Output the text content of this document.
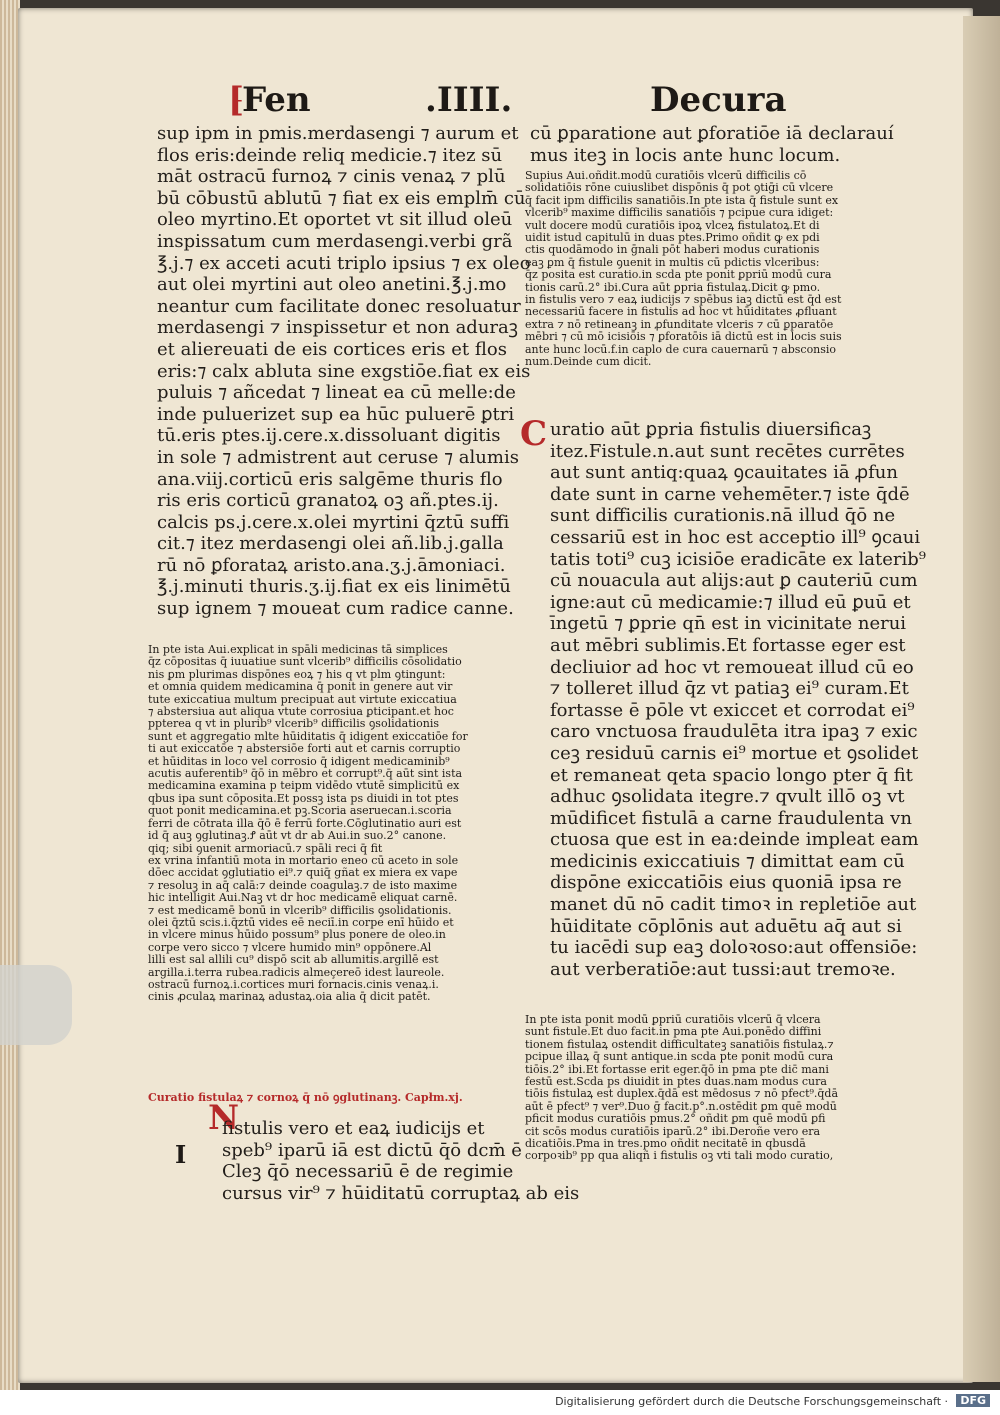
⁅
Fen	.IIII.	Decura

sup ipm in pmis.merdasengi ⁊ aurum et

flos eris:deinde reliq medicie.⁊ itez sū

māt ostracū furnoꝝ ⁊ cinis venaꝝ ⁊ plū

bū cōbustū ablutū ⁊ fiat ex eis emplm̄ cū

oleo myrtino.Et oportet vt sit illud oleū

inspissatum cum merdasengi.verbi grã

℥.j.⁊ ex acceti acuti triplo ipsius ⁊ ex oleo

aut olei myrtini aut oleo anetini.℥.j.mo

neantur cum facilitate donec resoluatur

merdasengi ⁊ inspissetur et non aduraꝫ

et aliereuati de eis cortices eris et flos

eris:⁊ calx abluta sine exgstiōe.fiat ex eis

puluis ⁊ añcedat ⁊ lineat ea cū melle:de

inde puluerizet sup ea hūc puluerē ꝑtri

tū.eris ptes.ij.cere.x.dissoluant digitis

in sole ⁊ admistrent aut ceruse ⁊ alumis

ana.viij.corticū eris salgēme thuris flo

ris eris corticū granatoꝝ oꝫ añ.ptes.ij.

calcis ps.j.cere.x.olei myrtini q̄ztū suffi

cit.⁊ itez merdasengi olei añ.lib.j.galla

rū nō ꝑforataꝝ aristo.ana.ʒ.j.āmoniaci.

℥.j.minuti thuris.ʒ.ij.fiat ex eis linimētū

sup ignem ⁊ moueat cum radice canne.

In pte ista Aui.explicat in spāli medicinas tā simplices

q̄z cōpositas q̄ iuuatiue sunt vlcerib⁹ difficilis cōsolidatio

nis ꝑm plurimas dispōnes eoꝝ ⁊ his q vt plm ꝯtingunt:

et omnia quidem medicamina q̄ ponit in genere aut vir

tute exiccatiua multum precipuat aut virtute exiccatiua

⁊ abstersiua aut aliqua vtute corrosiua ꝑticipant.et hoc

ppterea q vt in plurib⁹ vlcerib⁹ difficilis ꝯsolidationis

sunt et aggregatio mlte hūiditatis q̄ idigent exiccatiōe for

ti aut exiccatōe ⁊ abstersiōe forti aut et carnis corruptio

et hūiditas in loco vel corrosio q̄ idigent medicaminib⁹

acutis auferentib⁹ q̄ō in mēbro et corrupt⁹.q̄ aūt sint ista

medicamina examina p teipm vidēdo vtutē simplicitū ex

qbus ipa sunt cōposita.Et possꝫ ista ps diuidi in tot ptes

quot ponit medicamina.et pꝫ.Scoria aseruecan.i.scoria

ferri de cōtrata illa q̄ō ē ferrū forte.Cōglutinatio auri est

id q̄ auꝫ ꝯglutinaꝫ.Ꝭ aūt vt dr ab Aui.in suo.2° canone.

qiq; sibi ꝯuenit armoriacū.⁊ spāli reci q̄ fit

ex vrina infantiū mota in mortario eneo cū aceto in sole

dōec accidat ꝯglutiatio ei⁹.⁊ quiq̄ gñat ex miera ex vape

⁊ resoluꝫ in aq̄ calā:⁊ deinde coagulaꝫ.⁊ de isto maxime

hic intelligit Aui.Naꝫ vt dr hoc medicamē eliquat carnē.

⁊ est medicamē bonū in vlcerib⁹ difficilis ꝯsolidationis.

olei q̄ztū scis.i.q̄ztū vides eē neciī.in corpe enī hūido et

in vlcere minus hūido possum⁹ plus ponere de oleo.in

corpe vero sicco ⁊ vlcere humido min⁹ oppōnere.Al

lilli est sal allili cu⁹ dispō scit ab allumitis.argillē est

argilla.i.terra rubea.radicis almeçereō idest laureole.

ostracū furnoꝝ.i.cortices muri fornacis.cinis venaꝝ.i.

cinis ꝓculaꝝ marinaꝝ adustaꝝ.oia alia q̄ dicit patēt.

Curatio fistulaꝝ ⁊ cornoꝝ q̄ nō ꝯglutinanꝫ. Capłm.xj.
N
I

fistulis vero et eaꝝ iudicijs et

speb⁹ iparū iā est dictū q̄ō dcm̄ ē

Cleꝫ q̄ō necessariū ē de regimie

cursus vir⁹ ⁊ hūiditatū corruptaꝝ ab eis

cū ꝑparatione aut ꝑforatiōe iā declarauí

mus iteꝫ in locis ante hunc locum.

Supius Aui.oñdit.modū curatiōis vlcerū difficilis cō

solidatiōis rōne cuiuslibet dispōnis q̄ pot ꝯtiḡi cū vlcere

q̄ facit ipm difficilis sanatiōis.In pte ista q̄ fistule sunt ex

vlcerib⁹ maxime difficilis sanatiōis ⁊ pcipue cura idiget:

vult docere modū curatiōis ipoꝝ vlceꝝ fistulatoꝝ.Et di

uidit istud capitulū in duas ptes.Primo oñdit ꝙ ex pdi

ctis quodāmodo in ḡnali pōt haberi modus curationis

eaꝫ ꝑm q̄ fistule ꝯuenit in multis cū pdictis vlceribus:

q̄z posita est curatio.in scda pte ponit ꝑpriū modū cura

tionis carū.2° ibi.Cura aūt ꝑpria fistulaꝝ.Dicit ꝙ pmo.

in fistulis vero ⁊ eaꝝ iudicijs ⁊ spēbus iaꝫ dictū est q̄d est

necessariū facere in fistulis ad hoc vt hūiditates ꝓfluant

extra ⁊ nō retineanꝫ in ꝓfunditate vlceris ⁊ cū ꝑparatōe

mēbri ⁊ cū mō icisiōis ⁊ ꝑforatōis iā dictū est in locis suis

ante hunc locū.f.in caplo de cura cauernarū ⁊ absconsio

num.Deinde cum dicit.

C uratio aūt ꝑpria fistulis diuersificaꝫ

itez.Fistule.n.aut sunt recētes currētes

aut sunt antiq:quaꝝ ꝯcauitates iā ꝓfun

date sunt in carne vehemēter.⁊ iste q̄dē

sunt difficilis curationis.nā illud q̄ō ne

cessariū est in hoc est acceptio ill⁹ ꝯcaui

tatis toti⁹ cuꝫ icisiōe eradicāte ex laterib⁹

cū nouacula aut alijs:aut ꝑ cauteriū cum

igne:aut cū medicamie:⁊ illud eū ꝑuū et

īngetū ⁊ ꝑprie qn̄ est in vicinitate nerui

aut mēbri sublimis.Et fortasse eger est

decliuior ad hoc vt remoueat illud cū eo

⁊ tolleret illud q̄z vt patiaꝫ ei⁹ curam.Et

fortasse ē pōle vt exiccet et corrodat ei⁹

caro vnctuosa fraudulēta itra ipaꝫ ⁊ exic

ceꝫ residuū carnis ei⁹ mortue et ꝯsolidet

et remaneat qeta spacio longo pter q̄ fit

adhuc ꝯsolidata itegre.⁊ qvult illō oꝫ vt

mūdificet fistulā a carne fraudulenta vn

ctuosa que est in ea:deinde impleat eam

medicinis exiccatiuis ⁊ dimittat eam cū

dispōne exiccatiōis eius quoniā ipsa re

manet dū nō cadit timoꝛ in repletiōe aut

hūiditate cōplōnis aut aduētu aq̄ aut si

tu iacēdi sup eaꝫ doloꝛoso:aut offensiōe:

aut verberatiōe:aut tussi:aut tremoꝛe.

In pte ista ponit modū ꝑpriū curatiōis vlcerū q̄ vlcera

sunt fistule.Et duo facit.in pma pte Aui.ponēdo diffini

tionem fistulaꝝ ostendit difficultateꝫ sanatiōis fistulaꝝ.⁊

pcipue illaꝝ q̄ sunt antique.in scda pte ponit modū cura

tiōis.2° ibi.Et fortasse erit eger.q̄ō in pma pte dic̄ mani

festū est.Scda ps diuidit in ptes duas.nam modus cura

tiōis fistulaꝝ est duplex.q̄dā est mēdosus ⁊ nō pfect⁹.q̄dā

aūt ē pfect⁹ ⁊ ver⁹.Duo ḡ facit.p°.n.ostēdit ꝑm quē modū

pficit modus curatiōis pmus.2° oñdit ꝑm quē modū ꝑfi

cit scōs modus curatiōis iparū.2° ibi.Deroñe vero era

dicatiōis.Pma in tres.pmo oñdit necitatē in qbusdā

corpoꝛib⁹ pp qua aliqñ i fistulis oꝫ vti tali modo curatio,

Digitalisierung gefördert durch die Deutsche Forschungsgemeinschaft ·	DFG
